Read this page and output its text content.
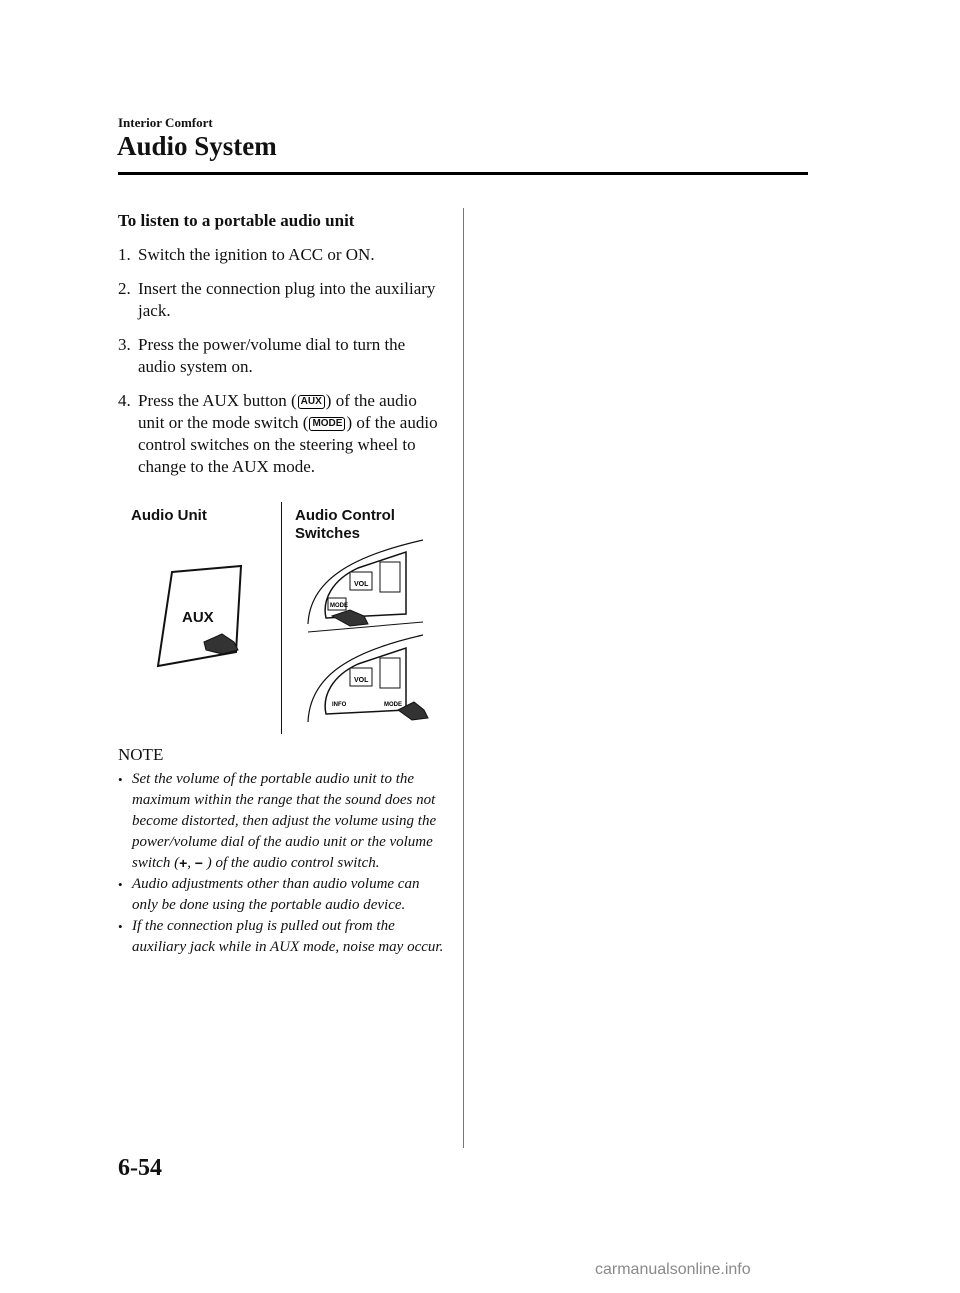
Interior Comfort
Audio System

To listen to a portable audio unit

1. Switch the ignition to ACC or ON.
2. Insert the connection plug into the auxiliary jack.
3. Press the power/volume dial to turn the audio system on.
4. Press the AUX button ( AUX ) of the audio unit or the mode switch ( MODE ) of the audio control switches on the steering wheel to change to the AUX mode.
Audio Unit	Audio Control Switches
AUX
VOL
MODE
VOL
INFO	MODE

NOTE

• Set the volume of the portable audio unit to the maximum within the range that the sound does not become distorted, then adjust the volume using the power/volume dial of the audio unit or the volume switch (+, − ) of the audio control switch.
• Audio adjustments other than audio volume can only be done using the portable audio device.
• If the connection plug is pulled out from the auxiliary jack while in AUX mode, noise may occur.
6-54
carmanualsonline.info
